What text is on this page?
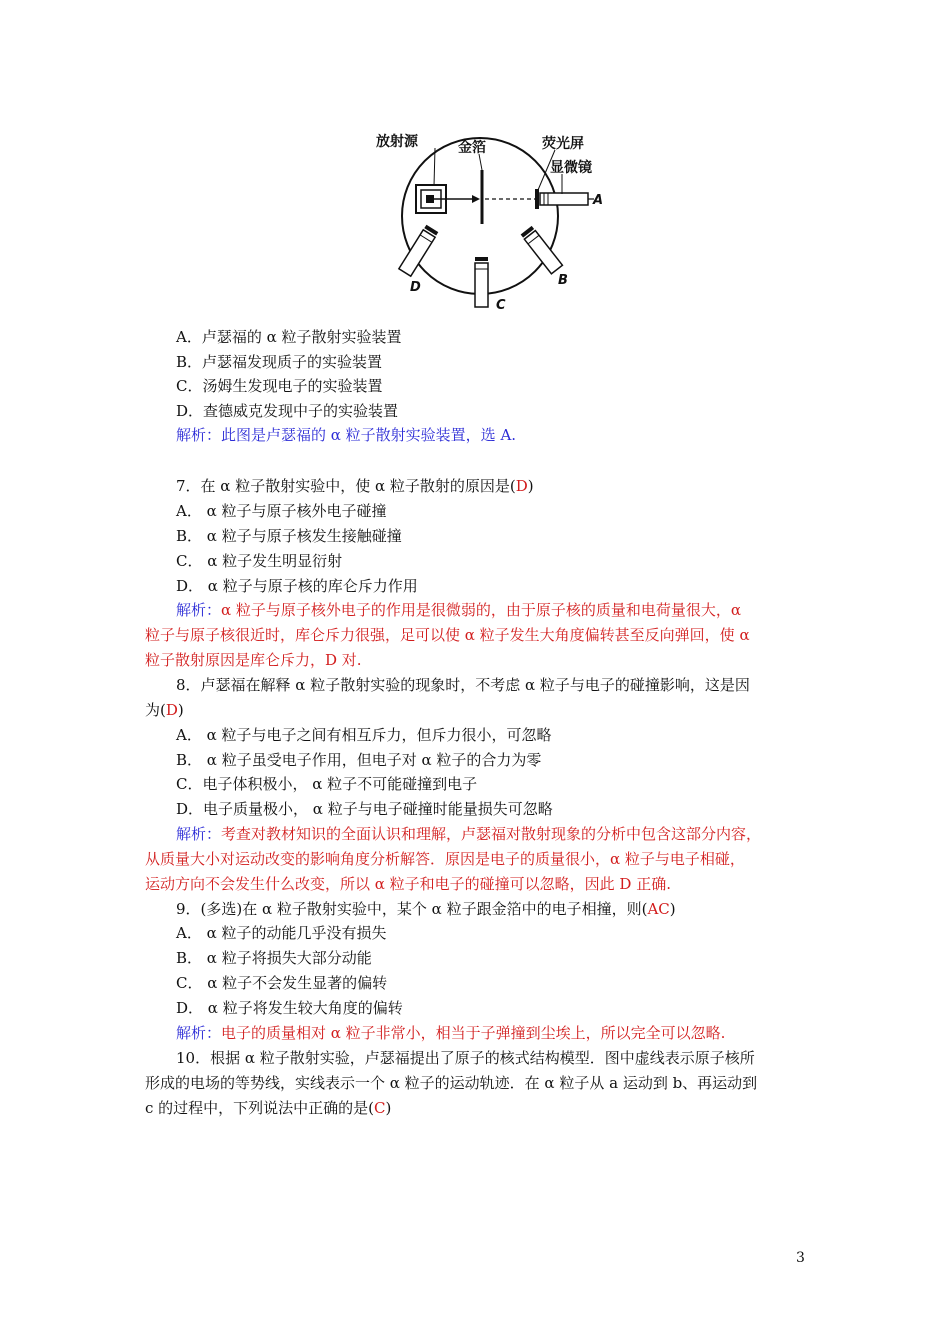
放射源	金箔	荧光屏
显微镜
A
B
C
D
A．卢瑟福的 α 粒子散射实验装置
B．卢瑟福发现质子的实验装置
C．汤姆生发现电子的实验装置
D．查德威克发现中子的实验装置
解析：此图是卢瑟福的 α 粒子散射实验装置，选 A.
7．在 α 粒子散射实验中，使 α 粒子散射的原因是(D)
A． α 粒子与原子核外电子碰撞
B． α 粒子与原子核发生接触碰撞
C． α 粒子发生明显衍射
D． α 粒子与原子核的库仑斥力作用
解析：α 粒子与原子核外电子的作用是很微弱的，由于原子核的质量和电荷量很大，α
粒子与原子核很近时，库仑斥力很强，足可以使 α 粒子发生大角度偏转甚至反向弹回，使 α
粒子散射原因是库仑斥力，D 对.
8．卢瑟福在解释 α 粒子散射实验的现象时，不考虑 α 粒子与电子的碰撞影响，这是因
为(D)
A． α 粒子与电子之间有相互斥力，但斥力很小，可忽略
B． α 粒子虽受电子作用，但电子对 α 粒子的合力为零
C．电子体积极小， α 粒子不可能碰撞到电子
D．电子质量极小， α 粒子与电子碰撞时能量损失可忽略
解析：考查对教材知识的全面认识和理解，卢瑟福对散射现象的分析中包含这部分内容，
从质量大小对运动改变的影响角度分析解答．原因是电子的质量很小，α 粒子与电子相碰，
运动方向不会发生什么改变，所以 α 粒子和电子的碰撞可以忽略，因此 D 正确.
9．(多选)在 α 粒子散射实验中，某个 α 粒子跟金箔中的电子相撞，则(AC)
A． α 粒子的动能几乎没有损失
B． α 粒子将损失大部分动能
C． α 粒子不会发生显著的偏转
D． α 粒子将发生较大角度的偏转
解析：电子的质量相对 α 粒子非常小，相当于子弹撞到尘埃上，所以完全可以忽略.
10．根据 α 粒子散射实验，卢瑟福提出了原子的核式结构模型．图中虚线表示原子核所
形成的电场的等势线，实线表示一个 α 粒子的运动轨迹．在 α 粒子从 a 运动到 b、再运动到
c 的过程中，下列说法中正确的是(C)
3
